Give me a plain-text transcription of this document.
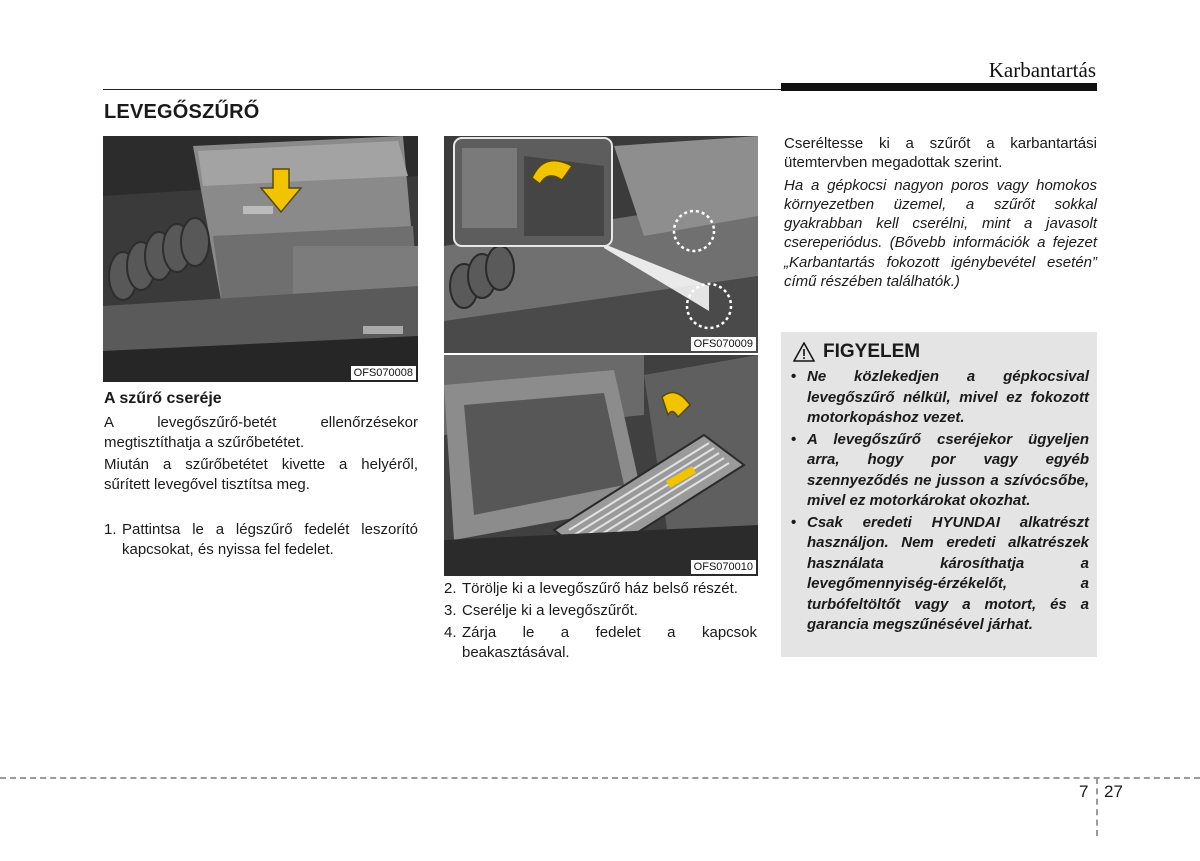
Karbantartás
LEVEGŐSZŰRŐ
OFS070008
OFS070009
OFS070010

A szűrő cseréje

A levegőszűrő-betét ellenőrzésekor megtisztíthatja a szűrőbetétet.

Miután a szűrőbetétet kivette a helyéről, sűrített levegővel tisztítsa meg.

1. Pattintsa le a légszűrő fedelét leszorító kapcsokat, és nyissa fel fedelet.
2. Törölje ki a levegőszűrő ház belső részét.
3. Cserélje ki a levegőszűrőt.
4. Zárja le a fedelet a kapcsok beakasztásával.

Cseréltesse ki a szűrőt a karbantartási ütemtervben megadottak szerint.

Ha a gépkocsi nagyon poros vagy homokos környezetben üzemel, a szűrőt sokkal gyakrabban kell cserélni, mint a javasolt csereperiódus. (Bővebb információk a fejezet „Karbantartás fokozott igénybevétel esetén” című részében találhatók.)

FIGYELEM
• Ne közlekedjen a gépkocsival levegőszűrő nélkül, mivel ez fokozott motorkopáshoz vezet.
• A levegőszűrő cseréjekor ügyeljen arra, hogy por vagy egyéb szennyeződés ne jusson a szívócsőbe, mivel ez motorkárokat okozhat.
• Csak eredeti HYUNDAI alkatrészt használjon. Nem eredeti alkatrészek használata károsíthatja a levegőmennyiség-érzékelőt, a turbófeltöltőt vagy a motort, és a garancia megszűnésével járhat.
7 27
